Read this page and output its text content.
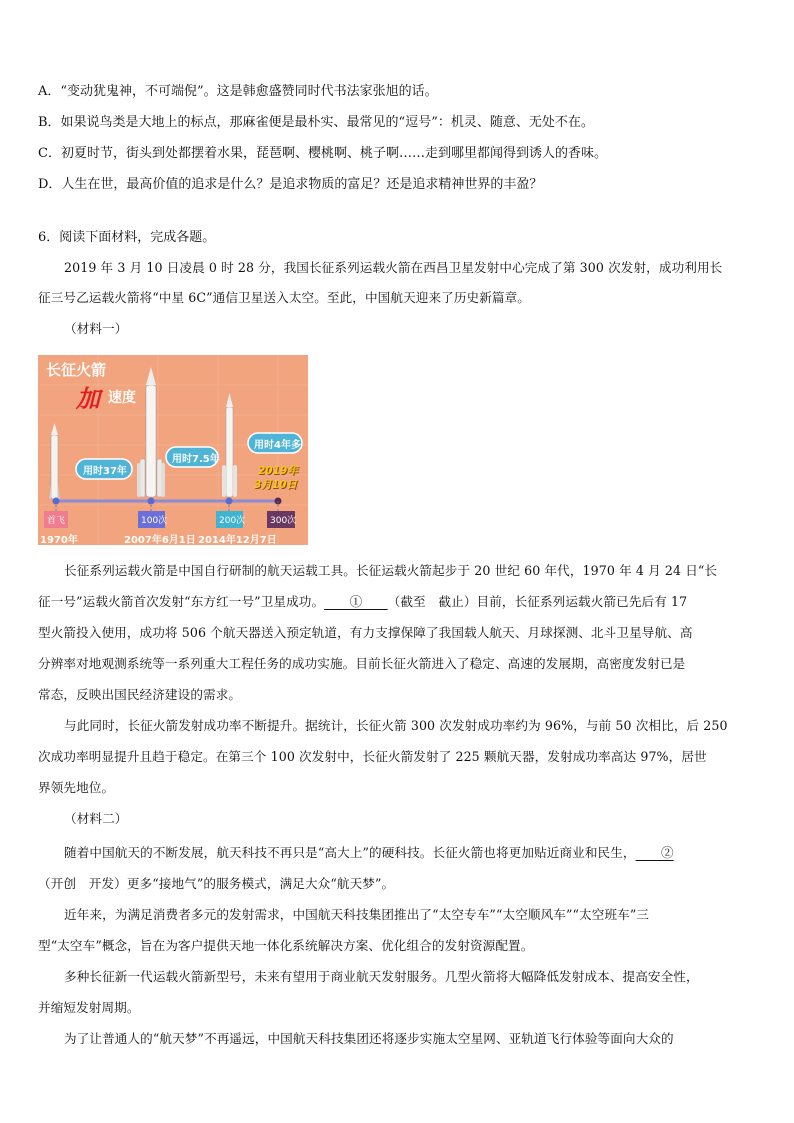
A．“变动犹鬼神，不可端倪”。这是韩愈盛赞同时代书法家张旭的话。
B．如果说鸟类是大地上的标点，那麻雀便是最朴实、最常见的“逗号”：机灵、随意、无处不在。
C．初夏时节，街头到处都摆着水果，琵琶啊、樱桃啊、桃子啊……走到哪里都闻得到诱人的香味。
D．人生在世，最高价值的追求是什么？是追求物质的富足？还是追求精神世界的丰盈？
6．阅读下面材料，完成各题。
2019 年 3 月 10 日凌晨 0 时 28 分，我国长征系列运载火箭在西昌卫星发射中心完成了第 300 次发射，成功利用长
征三号乙运载火箭将“中星 6C”通信卫星送入太空。至此，中国航天迎来了历史新篇章。
（材料一）
长征火箭
加 速度
用时37年
用时7.5年
用时4年多
2019年
3月10日
首飞	100次	200次	300次
1970年	2007年6月1日 2014年12月7日
长征系列运载火箭是中国自行研制的航天运载工具。长征运载火箭起步于 20 世纪 60 年代，1970 年 4 月 24 日“长
征一号”运载火箭首次发射“东方红一号”卫星成功。　　①　　（截至　截止）目前，长征系列运载火箭已先后有 17
型火箭投入使用，成功将 506 个航天器送入预定轨道，有力支撑保障了我国载人航天、月球探测、北斗卫星导航、高
分辨率对地观测系统等一系列重大工程任务的成功实施。目前长征火箭进入了稳定、高速的发展期，高密度发射已是
常态，反映出国民经济建设的需求。
与此同时，长征火箭发射成功率不断提升。据统计，长征火箭 300 次发射成功率约为 96%，与前 50 次相比，后 250
次成功率明显提升且趋于稳定。在第三个 100 次发射中，长征火箭发射了 225 颗航天器，发射成功率高达 97%，居世
界领先地位。
（材料二）
随着中国航天的不断发展，航天科技不再只是“高大上”的硬科技。长征火箭也将更加贴近商业和民生，　　②
（开创　开发）更多“接地气”的服务模式，满足大众“航天梦”。
近年来，为满足消费者多元的发射需求，中国航天科技集团推出了“太空专车”“太空顺风车”“太空班车”三
型“太空车”概念，旨在为客户提供天地一体化系统解决方案、优化组合的发射资源配置。
多种长征新一代运载火箭新型号，未来有望用于商业航天发射服务。几型火箭将大幅降低发射成本、提高安全性，
并缩短发射周期。
为了让普通人的“航天梦”不再遥远，中国航天科技集团还将逐步实施太空星网、亚轨道飞行体验等面向大众的
